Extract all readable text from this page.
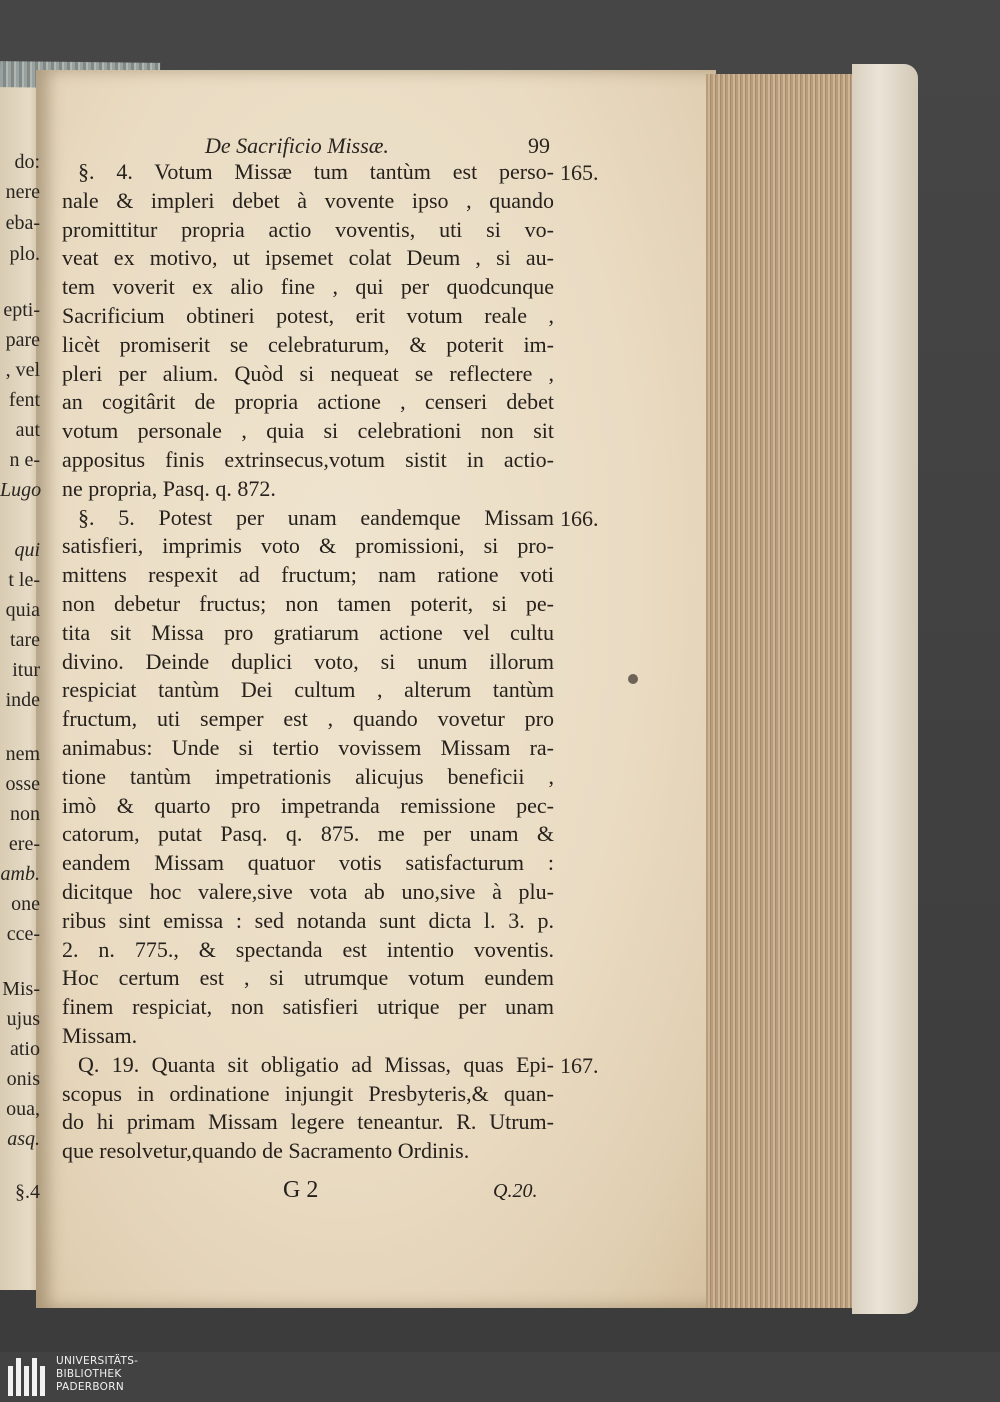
do:
nere
eba-
plo.
epti-
pare
, vel
fent
aut
n e-
Lugo
qui
t le-
quia
tare
itur
inde
nem
osse
non
ere-
amb.
one
cce-
Mis-
ujus
atio
onis
oua,
asq.
§.4
De Sacrificio Missæ.	99
§. 4. Votum Missæ tum tantùm est perso-
nale & impleri debet à vovente ipso , quando
promittitur propria actio voventis, uti si vo-
veat ex motivo, ut ipsemet colat Deum , si au-
tem voverit ex alio fine , qui per quodcunque
Sacrificium obtineri potest, erit votum reale ,
licèt promiserit se celebraturum, & poterit im-
pleri per alium. Quòd si nequeat se reflectere ,
an cogitârit de propria actione , censeri debet
votum personale , quia si celebrationi non sit
appositus finis extrinsecus,votum sistit in actio-
ne propria, Pasq. q. 872.
§. 5. Potest per unam eandemque Missam
satisfieri, imprimis voto & promissioni, si pro-
mittens respexit ad fructum; nam ratione voti
non debetur fructus; non tamen poterit, si pe-
tita sit Missa pro gratiarum actione vel cultu
divino. Deinde duplici voto, si unum illorum
respiciat tantùm Dei cultum , alterum tantùm
fructum, uti semper est , quando vovetur pro
animabus: Unde si tertio vovissem Missam ra-
tione tantùm impetrationis alicujus beneficii ,
imò & quarto pro impetranda remissione pec-
catorum, putat Pasq. q. 875. me per unam &
eandem Missam quatuor votis satisfacturum :
dicitque hoc valere,sive vota ab uno,sive à plu-
ribus sint emissa : sed notanda sunt dicta l. 3. p.
2. n. 775., & spectanda est intentio voventis.
Hoc certum est , si utrumque votum eundem
finem respiciat, non satisfieri utrique per unam
Missam.
Q. 19. Quanta sit obligatio ad Missas, quas Epi-
scopus in ordinatione injungit Presbyteris,& quan-
do hi primam Missam legere teneantur. R. Utrum-
que resolvetur,quando de Sacramento Ordinis.
165.
166.
167.
G 2	Q.20.
UNIVERSITÄTS-
BIBLIOTHEK
PADERBORN
